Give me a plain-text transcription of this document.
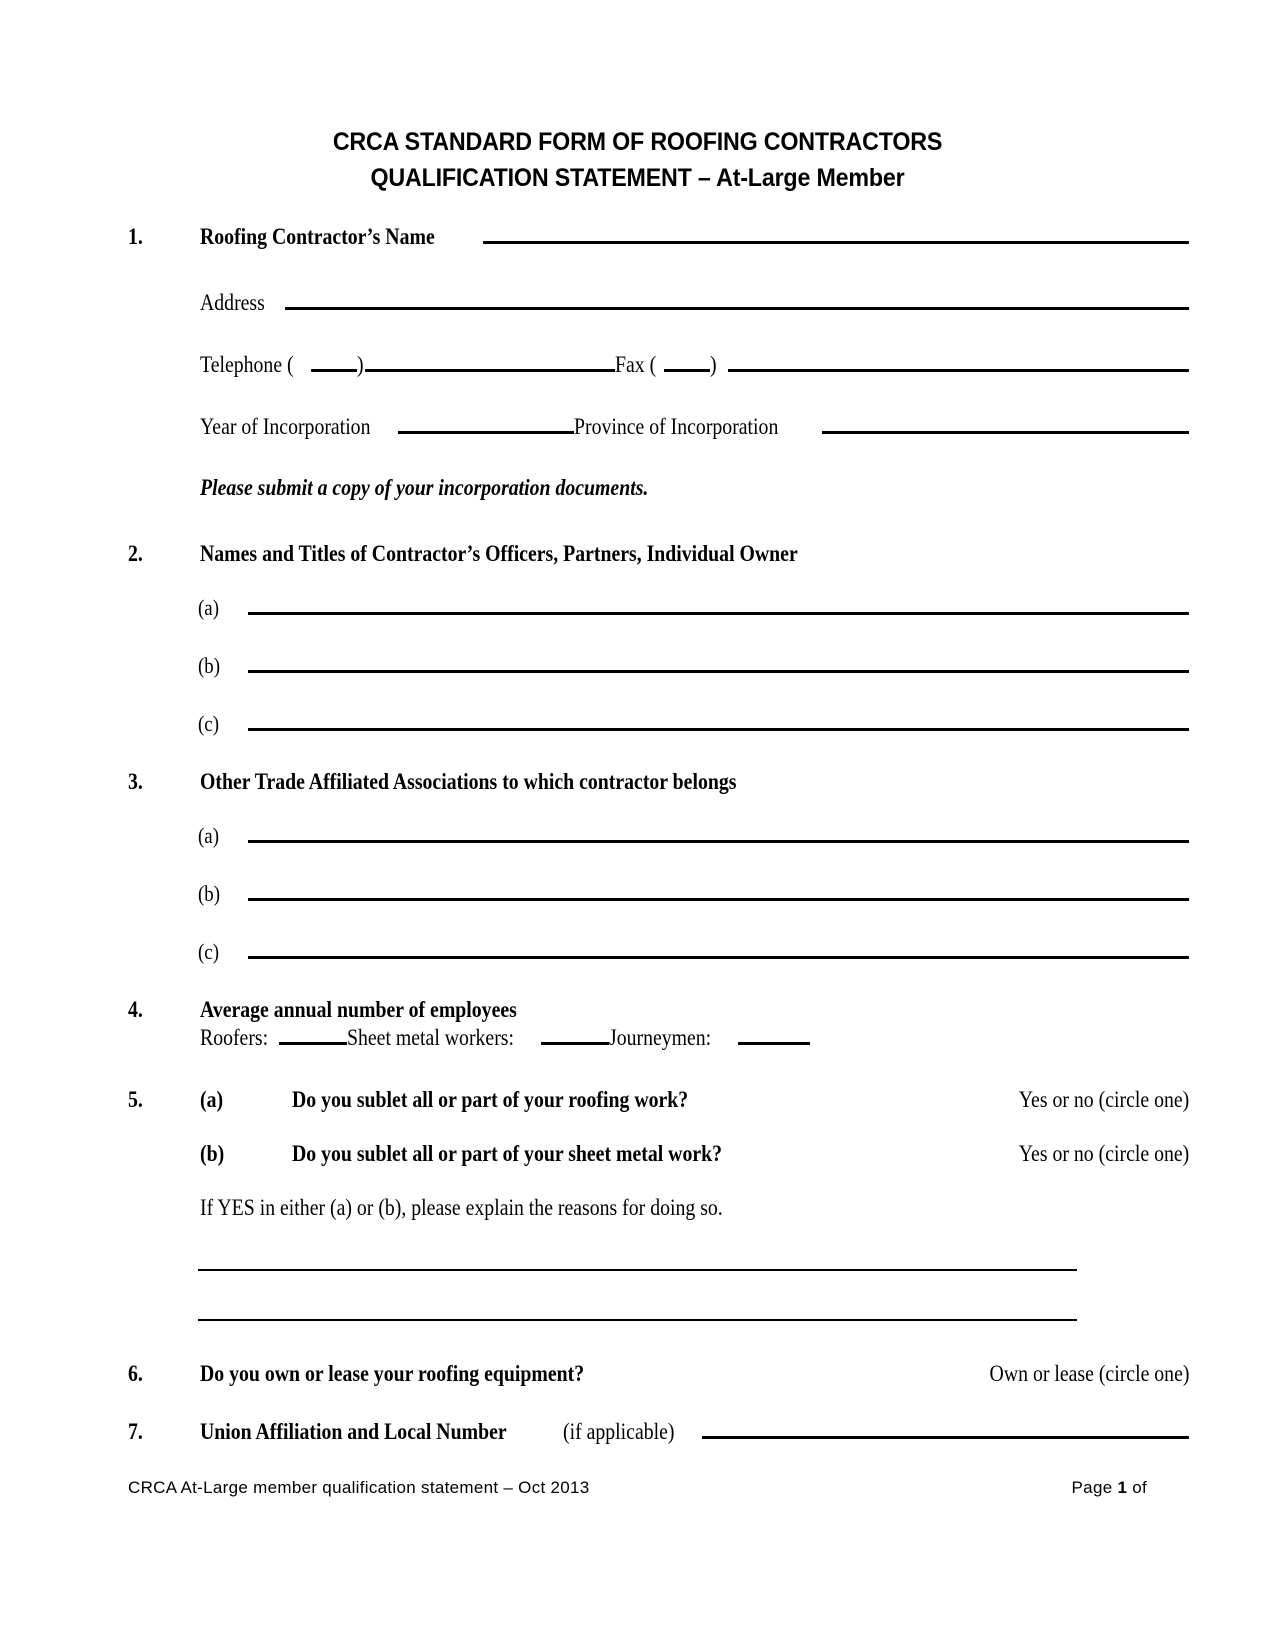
CRCA STANDARD FORM OF ROOFING CONTRACTORS
QUALIFICATION STATEMENT – At-Large Member
1.	Roofing Contractor’s Name
Address
Telephone (	)	Fax ( )
Year of Incorporation	Province of Incorporation
Please submit a copy of your incorporation documents.
2.	Names and Titles of Contractor’s Officers, Partners, Individual Owner
(a)
(b)
(c)
3.	Other Trade Affiliated Associations to which contractor belongs
(a)
(b)
(c)
4.	Average annual number of employees
Roofers:	Sheet metal workers:	Journeymen:
5.	(a)	Do you sublet all or part of your roofing work?	Yes or no (circle one)
(b)	Do you sublet all or part of your sheet metal work?	Yes or no (circle one)
If YES in either (a) or (b), please explain the reasons for doing so.
6.	Do you own or lease your roofing equipment?	Own or lease (circle one)
7.	Union Affiliation and Local Number (if applicable)
CRCA At-Large member qualification statement – Oct 2013	Page 1 of
